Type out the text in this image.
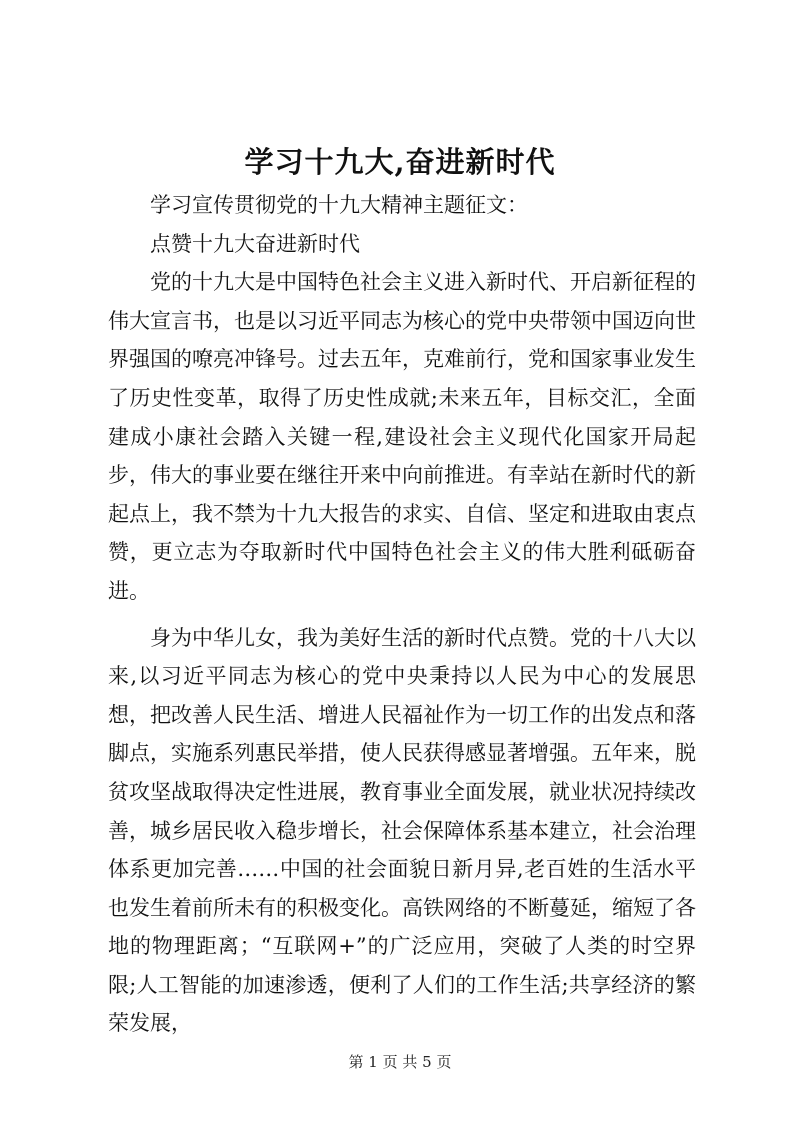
学习十九大,奋进新时代

学习宣传贯彻党的十九大精神主题征文：

点赞十九大奋进新时代

党的十九大是中国特色社会主义进入新时代、开启新征程的伟大宣言书，也是以习近平同志为核心的党中央带领中国迈向世界强国的嘹亮冲锋号。过去五年，克难前行，党和国家事业发生了历史性变革，取得了历史性成就;未来五年，目标交汇，全面建成小康社会踏入关键一程,建设社会主义现代化国家开局起步，伟大的事业要在继往开来中向前推进。有幸站在新时代的新起点上，我不禁为十九大报告的求实、自信、坚定和进取由衷点赞，更立志为夺取新时代中国特色社会主义的伟大胜利砥砺奋进。

身为中华儿女，我为美好生活的新时代点赞。党的十八大以来,以习近平同志为核心的党中央秉持以人民为中心的发展思想，把改善人民生活、增进人民福祉作为一切工作的出发点和落脚点，实施系列惠民举措，使人民获得感显著增强。五年来，脱贫攻坚战取得决定性进展，教育事业全面发展，就业状况持续改善，城乡居民收入稳步增长，社会保障体系基本建立，社会治理体系更加完善……中国的社会面貌日新月异,老百姓的生活水平也发生着前所未有的积极变化。高铁网络的不断蔓延，缩短了各地的物理距离；“互联网+”的广泛应用，突破了人类的时空界限;人工智能的加速渗透，便利了人们的工作生活;共享经济的繁荣发展，

第 1 页 共 5 页
